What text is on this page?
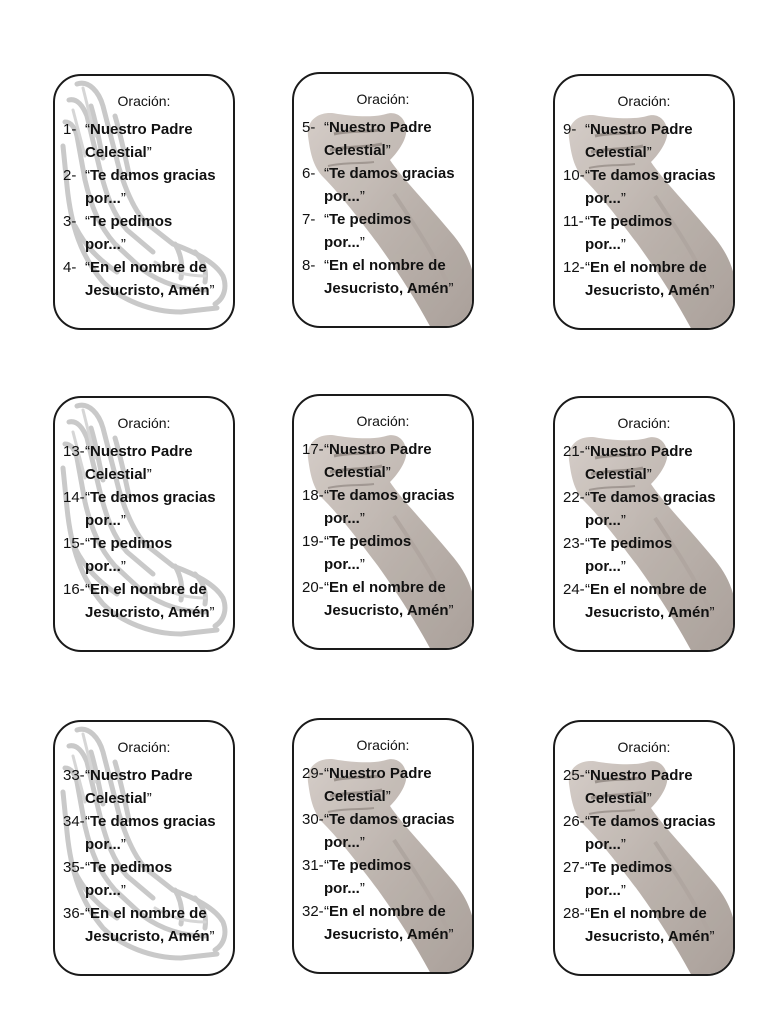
Oración:
1- “Nuestro Padre
Celestial”
2- “Te damos gracias
por...”
3- “Te pedimos
por...”
4- “En el nombre de
Jesucristo, Amén”
Oración:
5- “Nuestro Padre
Celestial”
6- “Te damos gracias
por...”
7- “Te pedimos
por...”
8- “En el nombre de
Jesucristo, Amén”
Oración:
9- “Nuestro Padre
Celestial”
10- “Te damos gracias
por...”
11- “Te pedimos
por...”
12- “En el nombre de
Jesucristo, Amén”
Oración:
13- “Nuestro Padre
Celestial”
14- “Te damos gracias
por...”
15- “Te pedimos
por...”
16- “En el nombre de
Jesucristo, Amén”
Oración:
17- “Nuestro Padre
Celestial”
18- “Te damos gracias
por...”
19- “Te pedimos
por...”
20- “En el nombre de
Jesucristo, Amén”
Oración:
21- “Nuestro Padre
Celestial”
22- “Te damos gracias
por...”
23- “Te pedimos
por...”
24- “En el nombre de
Jesucristo, Amén”
Oración:
33- “Nuestro Padre
Celestial”
34- “Te damos gracias
por...”
35- “Te pedimos
por...”
36- “En el nombre de
Jesucristo, Amén”
Oración:
29- “Nuestro Padre
Celestial”
30- “Te damos gracias
por...”
31- “Te pedimos
por...”
32- “En el nombre de
Jesucristo, Amén”
Oración:
25- “Nuestro Padre
Celestial”
26- “Te damos gracias
por...”
27- “Te pedimos
por...”
28- “En el nombre de
Jesucristo, Amén”
